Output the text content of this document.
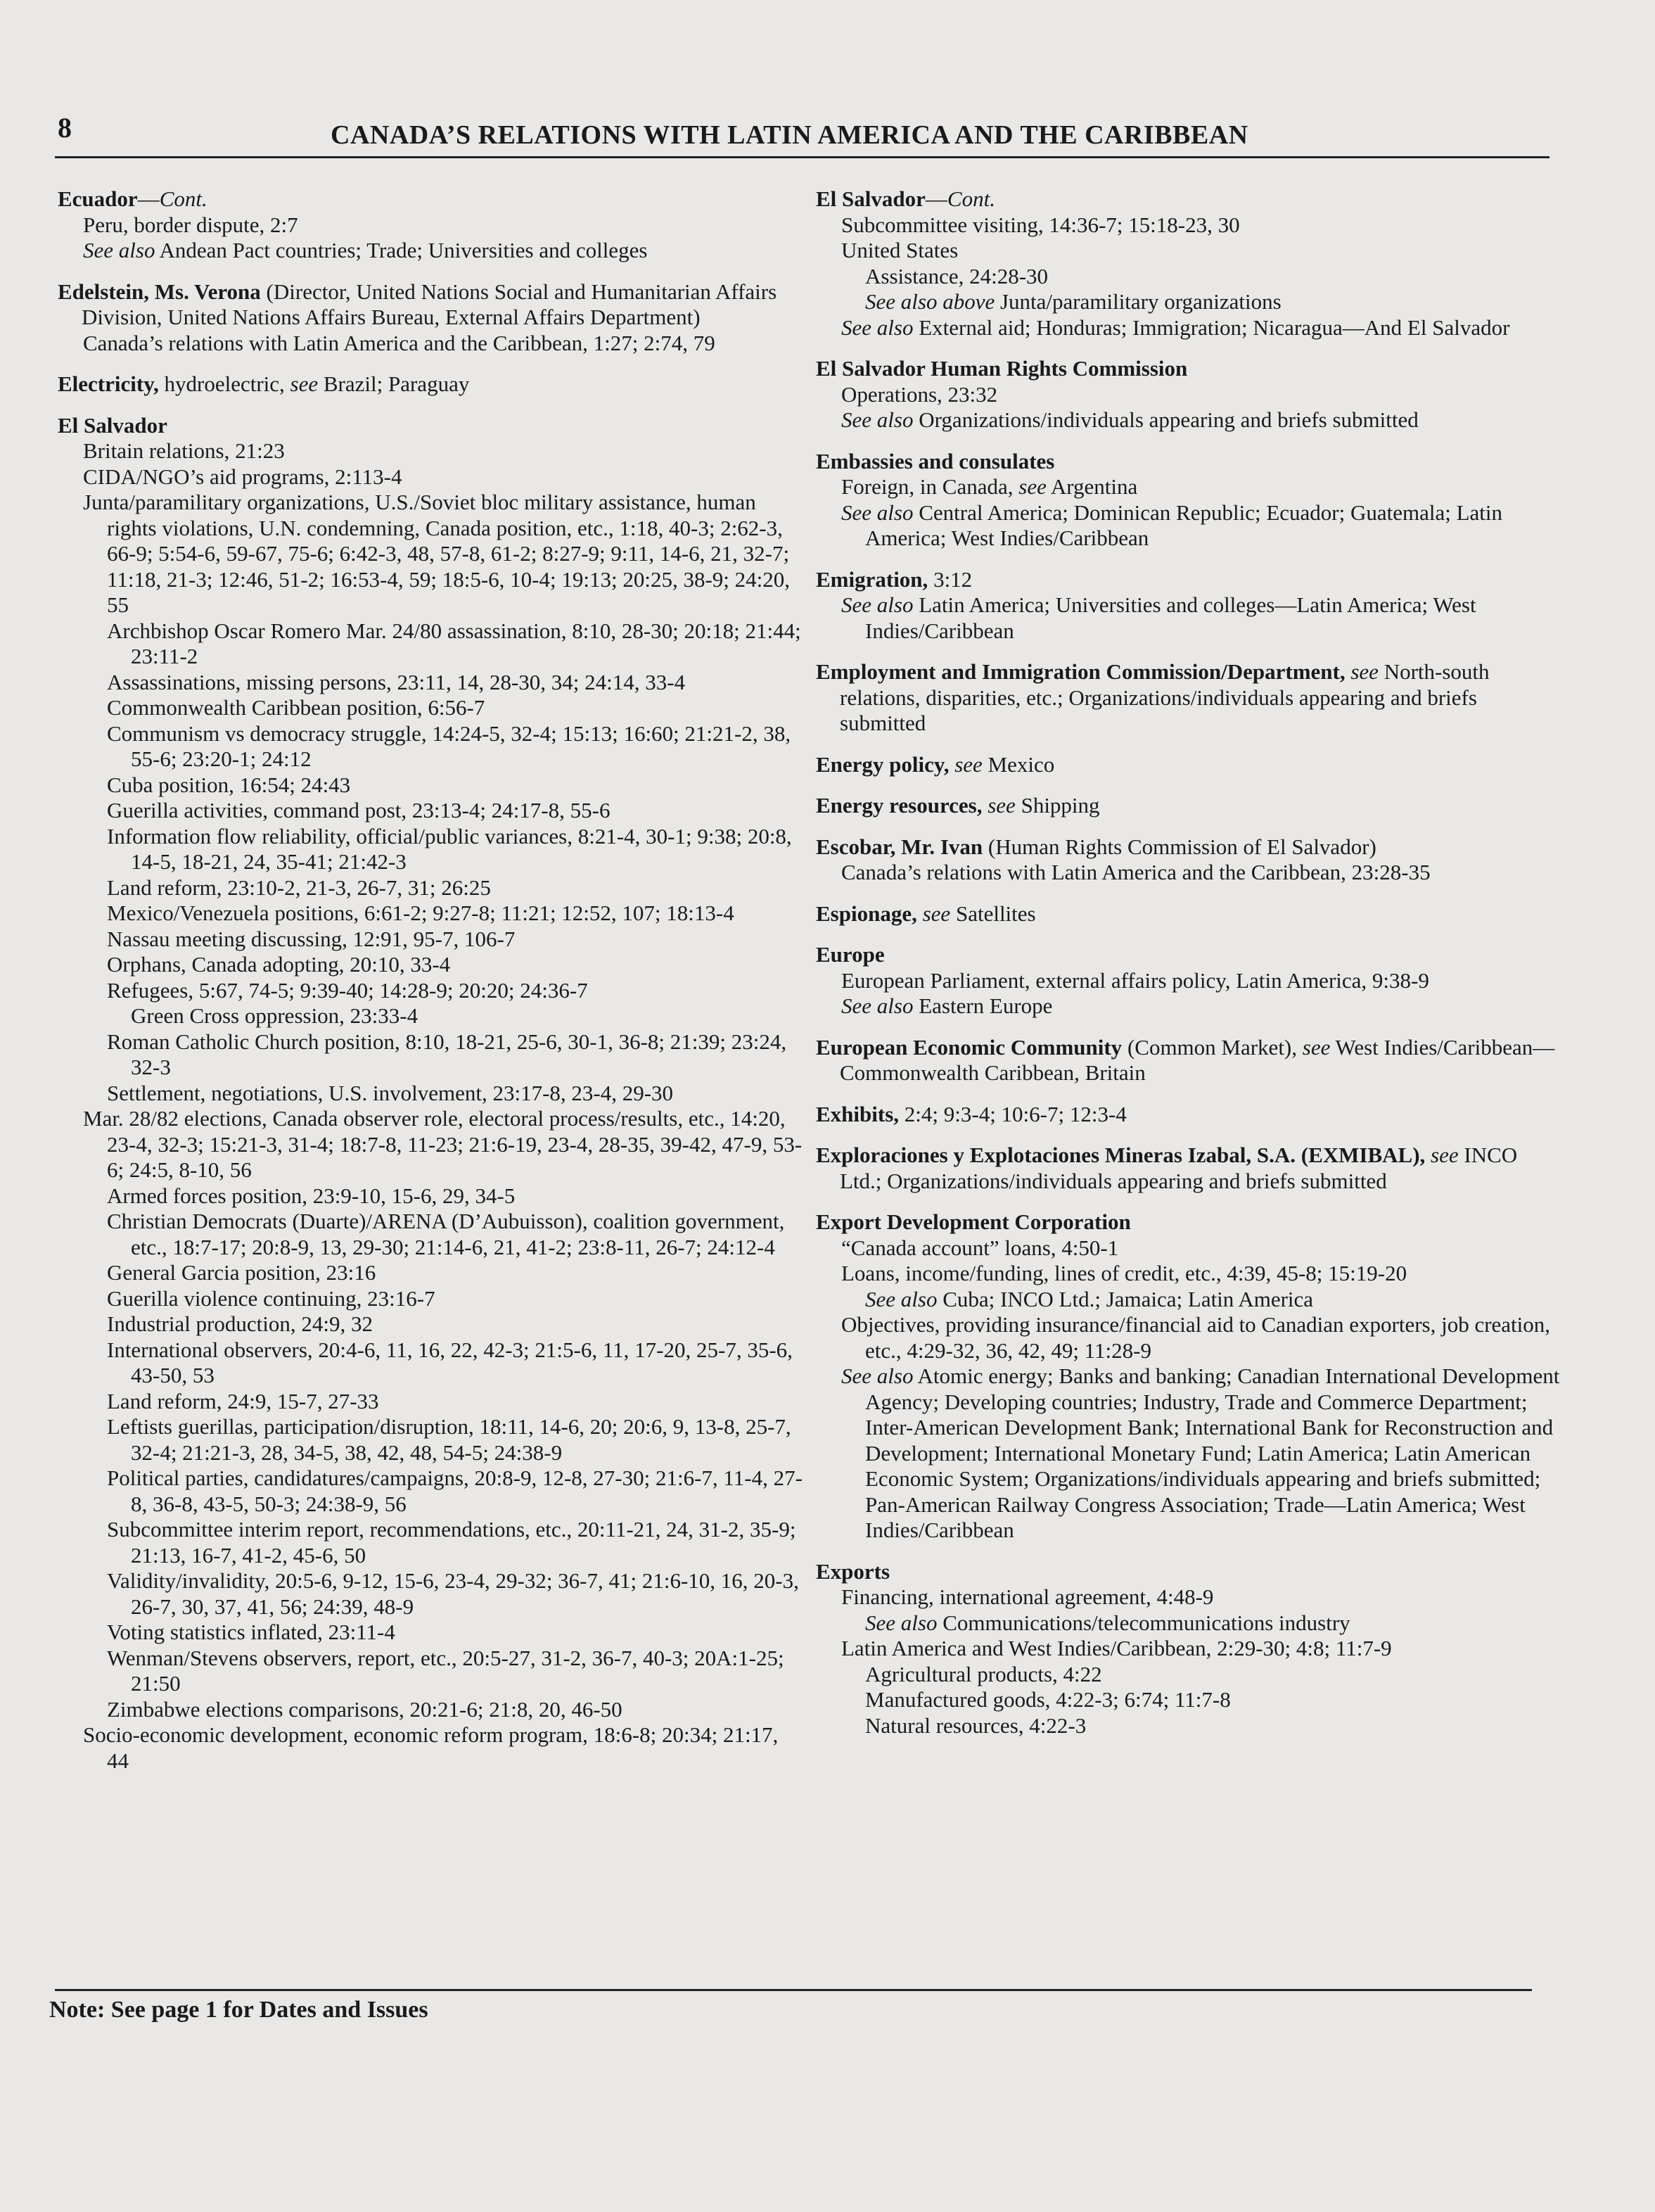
8	CANADA’S RELATIONS WITH LATIN AMERICA AND THE CARIBBEAN
Ecuador—Cont.
Peru, border dispute, 2:7
See also Andean Pact countries; Trade; Universities and colleges
Edelstein, Ms. Verona (Director, United Nations Social and Humanitarian Affairs Division, United Nations Affairs Bureau, External Affairs Department)
Canada’s relations with Latin America and the Caribbean, 1:27; 2:74, 79
Electricity, hydroelectric, see Brazil; Paraguay
El Salvador
Britain relations, 21:23
CIDA/NGO’s aid programs, 2:113-4
Junta/paramilitary organizations, U.S./Soviet bloc military assistance, human rights violations, U.N. condemning, Canada position, etc., 1:18, 40-3; 2:62-3, 66-9; 5:54-6, 59-67, 75-6; 6:42-3, 48, 57-8, 61-2; 8:27-9; 9:11, 14-6, 21, 32-7; 11:18, 21-3; 12:46, 51-2; 16:53-4, 59; 18:5-6, 10-4; 19:13; 20:25, 38-9; 24:20, 55
Archbishop Oscar Romero Mar. 24/80 assassination, 8:10, 28-30; 20:18; 21:44; 23:11-2
Assassinations, missing persons, 23:11, 14, 28-30, 34; 24:14, 33-4
Commonwealth Caribbean position, 6:56-7
Communism vs democracy struggle, 14:24-5, 32-4; 15:13; 16:60; 21:21-2, 38, 55-6; 23:20-1; 24:12
Cuba position, 16:54; 24:43
Guerilla activities, command post, 23:13-4; 24:17-8, 55-6
Information flow reliability, official/public variances, 8:21-4, 30-1; 9:38; 20:8, 14-5, 18-21, 24, 35-41; 21:42-3
Land reform, 23:10-2, 21-3, 26-7, 31; 26:25
Mexico/Venezuela positions, 6:61-2; 9:27-8; 11:21; 12:52, 107; 18:13-4
Nassau meeting discussing, 12:91, 95-7, 106-7
Orphans, Canada adopting, 20:10, 33-4
Refugees, 5:67, 74-5; 9:39-40; 14:28-9; 20:20; 24:36-7
Green Cross oppression, 23:33-4
Roman Catholic Church position, 8:10, 18-21, 25-6, 30-1, 36-8; 21:39; 23:24, 32-3
Settlement, negotiations, U.S. involvement, 23:17-8, 23-4, 29-30
Mar. 28/82 elections, Canada observer role, electoral process/results, etc., 14:20, 23-4, 32-3; 15:21-3, 31-4; 18:7-8, 11-23; 21:6-19, 23-4, 28-35, 39-42, 47-9, 53-6; 24:5, 8-10, 56
Armed forces position, 23:9-10, 15-6, 29, 34-5
Christian Democrats (Duarte)/ARENA (D’Aubuisson), coalition government, etc., 18:7-17; 20:8-9, 13, 29-30; 21:14-6, 21, 41-2; 23:8-11, 26-7; 24:12-4
General Garcia position, 23:16
Guerilla violence continuing, 23:16-7
Industrial production, 24:9, 32
International observers, 20:4-6, 11, 16, 22, 42-3; 21:5-6, 11, 17-20, 25-7, 35-6, 43-50, 53
Land reform, 24:9, 15-7, 27-33
Leftists guerillas, participation/disruption, 18:11, 14-6, 20; 20:6, 9, 13-8, 25-7, 32-4; 21:21-3, 28, 34-5, 38, 42, 48, 54-5; 24:38-9
Political parties, candidatures/campaigns, 20:8-9, 12-8, 27-30; 21:6-7, 11-4, 27-8, 36-8, 43-5, 50-3; 24:38-9, 56
Subcommittee interim report, recommendations, etc., 20:11-21, 24, 31-2, 35-9; 21:13, 16-7, 41-2, 45-6, 50
Validity/invalidity, 20:5-6, 9-12, 15-6, 23-4, 29-32; 36-7, 41; 21:6-10, 16, 20-3, 26-7, 30, 37, 41, 56; 24:39, 48-9
Voting statistics inflated, 23:11-4
Wenman/Stevens observers, report, etc., 20:5-27, 31-2, 36-7, 40-3; 20A:1-25; 21:50
Zimbabwe elections comparisons, 20:21-6; 21:8, 20, 46-50
Socio-economic development, economic reform program, 18:6-8; 20:34; 21:17, 44
El Salvador—Cont.
Subcommittee visiting, 14:36-7; 15:18-23, 30
United States
Assistance, 24:28-30
See also above Junta/paramilitary organizations
See also External aid; Honduras; Immigration; Nicaragua—And El Salvador
El Salvador Human Rights Commission
Operations, 23:32
See also Organizations/individuals appearing and briefs submitted
Embassies and consulates
Foreign, in Canada, see Argentina
See also Central America; Dominican Republic; Ecuador; Guatemala; Latin America; West Indies/Caribbean
Emigration, 3:12
See also Latin America; Universities and colleges—Latin America; West Indies/Caribbean
Employment and Immigration Commission/Department, see North-south relations, disparities, etc.; Organizations/individuals appearing and briefs submitted
Energy policy, see Mexico
Energy resources, see Shipping
Escobar, Mr. Ivan (Human Rights Commission of El Salvador)
Canada’s relations with Latin America and the Caribbean, 23:28-35
Espionage, see Satellites
Europe
European Parliament, external affairs policy, Latin America, 9:38-9
See also Eastern Europe
European Economic Community (Common Market), see West Indies/Caribbean—Commonwealth Caribbean, Britain
Exhibits, 2:4; 9:3-4; 10:6-7; 12:3-4
Exploraciones y Explotaciones Mineras Izabal, S.A. (EXMIBAL), see INCO Ltd.; Organizations/individuals appearing and briefs submitted
Export Development Corporation
“Canada account” loans, 4:50-1
Loans, income/funding, lines of credit, etc., 4:39, 45-8; 15:19-20
See also Cuba; INCO Ltd.; Jamaica; Latin America
Objectives, providing insurance/financial aid to Canadian exporters, job creation, etc., 4:29-32, 36, 42, 49; 11:28-9
See also Atomic energy; Banks and banking; Canadian International Development Agency; Developing countries; Industry, Trade and Commerce Department; Inter-American Development Bank; International Bank for Reconstruction and Development; International Monetary Fund; Latin America; Latin American Economic System; Organizations/individuals appearing and briefs submitted; Pan-American Railway Congress Association; Trade—Latin America; West Indies/Caribbean
Exports
Financing, international agreement, 4:48-9
See also Communications/telecommunications industry
Latin America and West Indies/Caribbean, 2:29-30; 4:8; 11:7-9
Agricultural products, 4:22
Manufactured goods, 4:22-3; 6:74; 11:7-8
Natural resources, 4:22-3
Note: See page 1 for Dates and Issues
